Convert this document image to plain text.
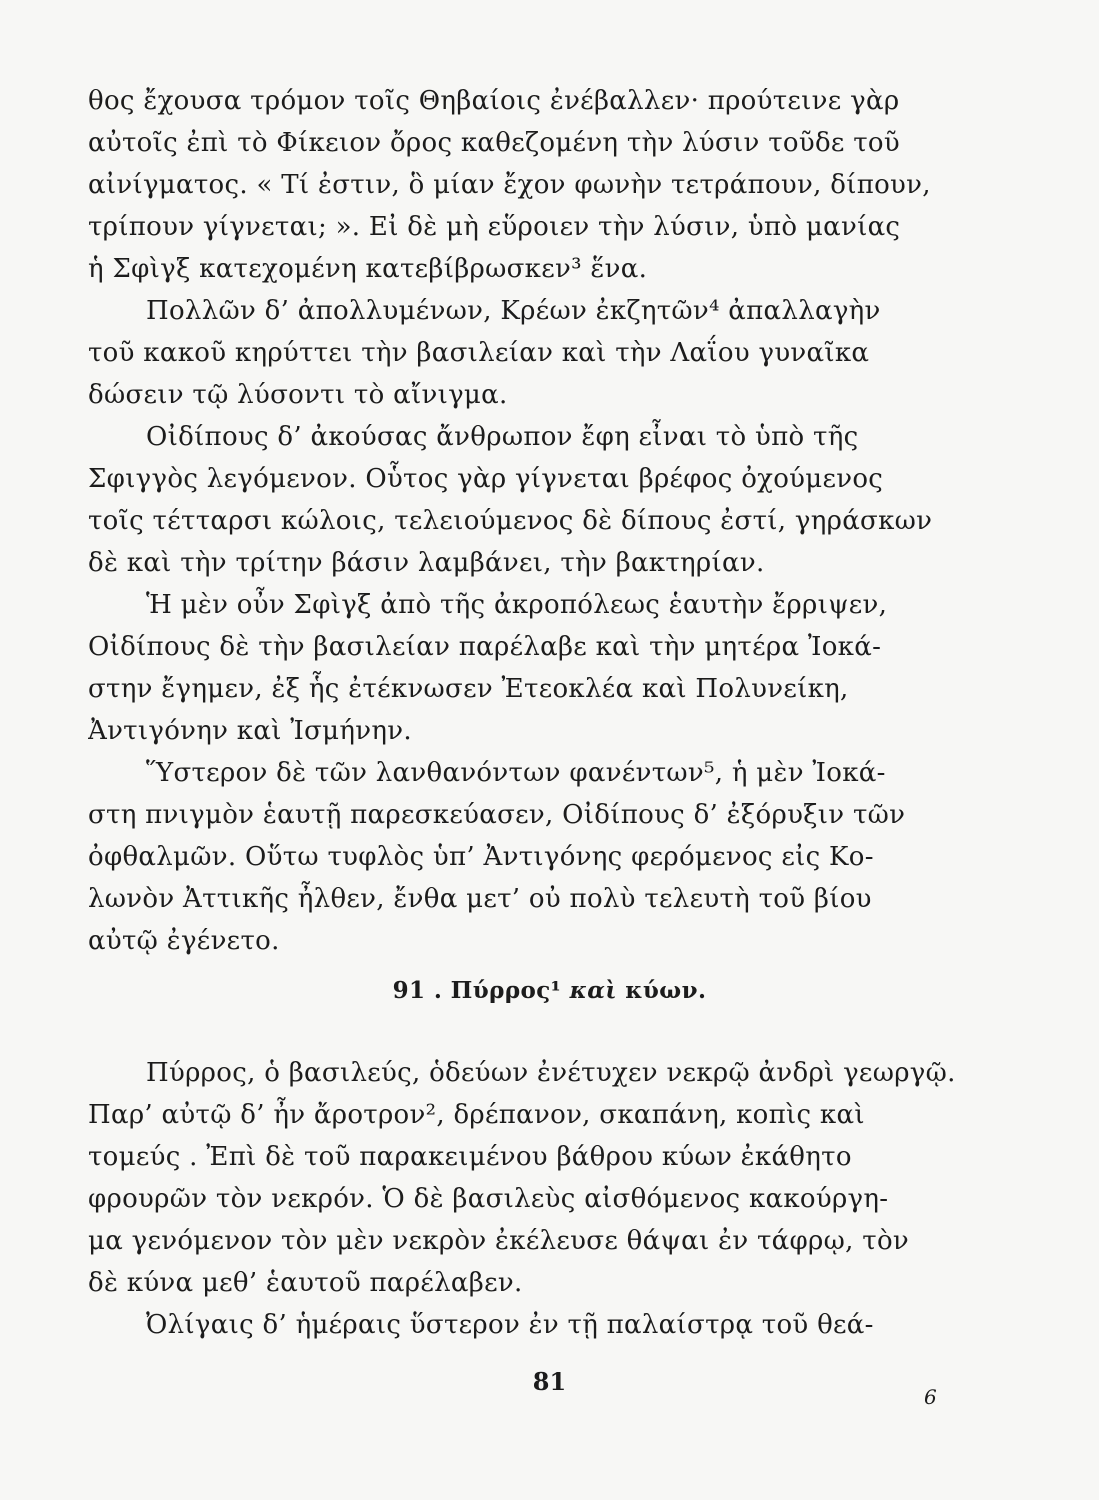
θος ἔχουσα τρόμον τοῖς Θηβαίοις ἐνέβαλλεν· προύτεινε γὰρ
αὐτοῖς ἐπὶ τὸ Φίκειον ὄρος καθεζομένη τὴν λύσιν τοῦδε τοῦ
αἰνίγματος. « Τί ἐστιν, ὃ μίαν ἔχον φωνὴν τετράπουν, δίπουν,
τρίπουν γίγνεται; ». Εἰ δὲ μὴ εὕροιεν τὴν λύσιν, ὑπὸ μανίας
ἡ Σφὶγξ κατεχομένη κατεβίβρωσκεν³ ἕνα.
Πολλῶν δ’ ἀπολλυμένων, Κρέων ἐκζητῶν⁴ ἀπαλλαγὴν
τοῦ κακοῦ κηρύττει τὴν βασιλείαν καὶ τὴν Λαΐου γυναῖκα
δώσειν τῷ λύσοντι τὸ αἴνιγμα.
Οἰδίπους δ’ ἀκούσας ἄνθρωπον ἔφη εἶναι τὸ ὑπὸ τῆς
Σφιγγὸς λεγόμενον. Οὗτος γὰρ γίγνεται βρέφος ὀχούμενος
τοῖς τέτταρσι κώλοις, τελειούμενος δὲ δίπους ἐστί, γηράσκων
δὲ καὶ τὴν τρίτην βάσιν λαμβάνει, τὴν βακτηρίαν.
Ἡ μὲν οὖν Σφὶγξ ἀπὸ τῆς ἀκροπόλεως ἑαυτὴν ἔρριψεν,
Οἰδίπους δὲ τὴν βασιλείαν παρέλαβε καὶ τὴν μητέρα Ἰοκά-
στην ἔγημεν, ἐξ ἧς ἐτέκνωσεν Ἐτεοκλέα καὶ Πολυνείκη,
Ἀντιγόνην καὶ Ἰσμήνην.
Ὕστερον δὲ τῶν λανθανόντων φανέντων⁵, ἡ μὲν Ἰοκά-
στη πνιγμὸν ἑαυτῇ παρεσκεύασεν, Οἰδίπους δ’ ἐξόρυξιν τῶν
ὀφθαλμῶν. Οὕτω τυφλὸς ὑπ’ Ἀντιγόνης φερόμενος εἰς Κο-
λωνὸν Ἀττικῆς ἦλθεν, ἔνθα μετ’ οὐ πολὺ τελευτὴ τοῦ βίου
αὐτῷ ἐγένετο.
91 . Πύρρος¹ καὶ κύων.
Πύρρος, ὁ βασιλεύς, ὁδεύων ἐνέτυχεν νεκρῷ ἀνδρὶ γεωργῷ.
Παρ’ αὐτῷ δ’ ἦν ἄροτρον², δρέπανον, σκαπάνη, κοπὶς καὶ
τομεύς . Ἐπὶ δὲ τοῦ παρακειμένου βάθρου κύων ἐκάθητο
φρουρῶν τὸν νεκρόν. Ὁ δὲ βασιλεὺς αἰσθόμενος κακούργη-
μα γενόμενον τὸν μὲν νεκρὸν ἐκέλευσε θάψαι ἐν τάφρῳ, τὸν
δὲ κύνα μεθ’ ἑαυτοῦ παρέλαβεν.
Ὀλίγαις δ’ ἡμέραις ὕστερον ἐν τῇ παλαίστρᾳ τοῦ θεά-
81
6
